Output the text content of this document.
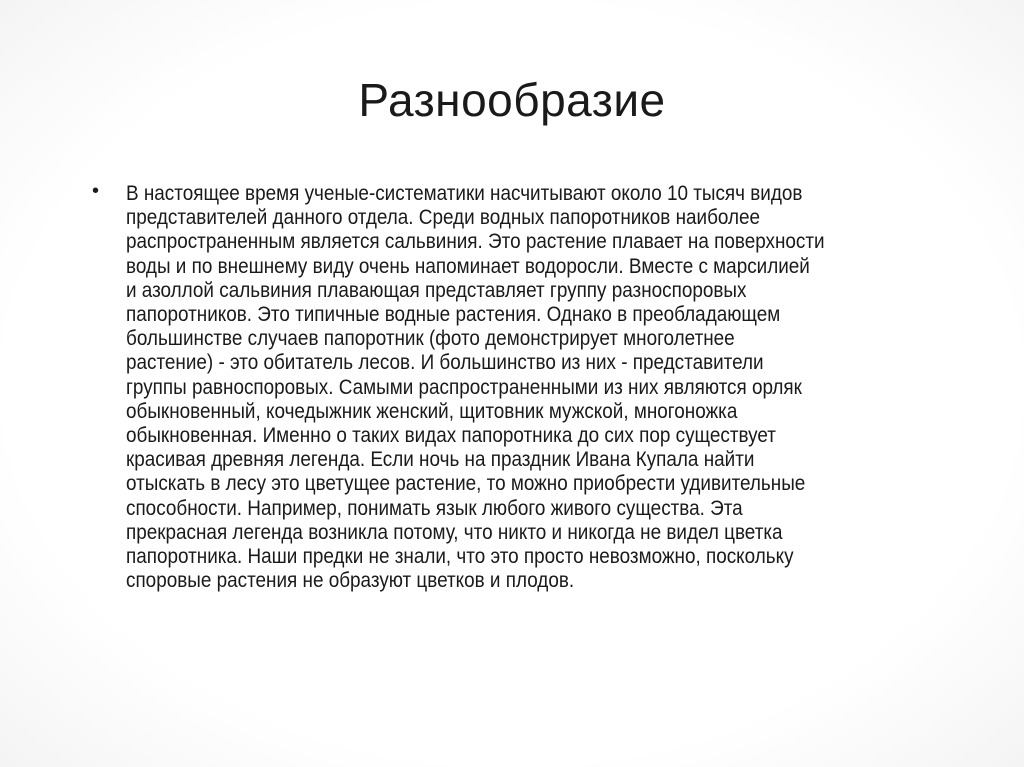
Разнообразие
• В настоящее время ученые-систематики насчитывают около 10 тысяч видов
представителей данного отдела. Среди водных папоротников наиболее
распространенным является сальвиния. Это растение плавает на поверхности
воды и по внешнему виду очень напоминает водоросли. Вместе с марсилией
и азоллой сальвиния плавающая представляет группу разноспоровых
папоротников. Это типичные водные растения. Однако в преобладающем
большинстве случаев папоротник (фото демонстрирует многолетнее
растение) - это обитатель лесов. И большинство из них - представители
группы равноспоровых. Самыми распространенными из них являются орляк
обыкновенный, кочедыжник женский, щитовник мужской, многоножка
обыкновенная. Именно о таких видах папоротника до сих пор существует
красивая древняя легенда. Если ночь на праздник Ивана Купала найти
отыскать в лесу это цветущее растение, то можно приобрести удивительные
способности. Например, понимать язык любого живого существа. Эта
прекрасная легенда возникла потому, что никто и никогда не видел цветка
папоротника. Наши предки не знали, что это просто невозможно, поскольку
споровые растения не образуют цветков и плодов.
